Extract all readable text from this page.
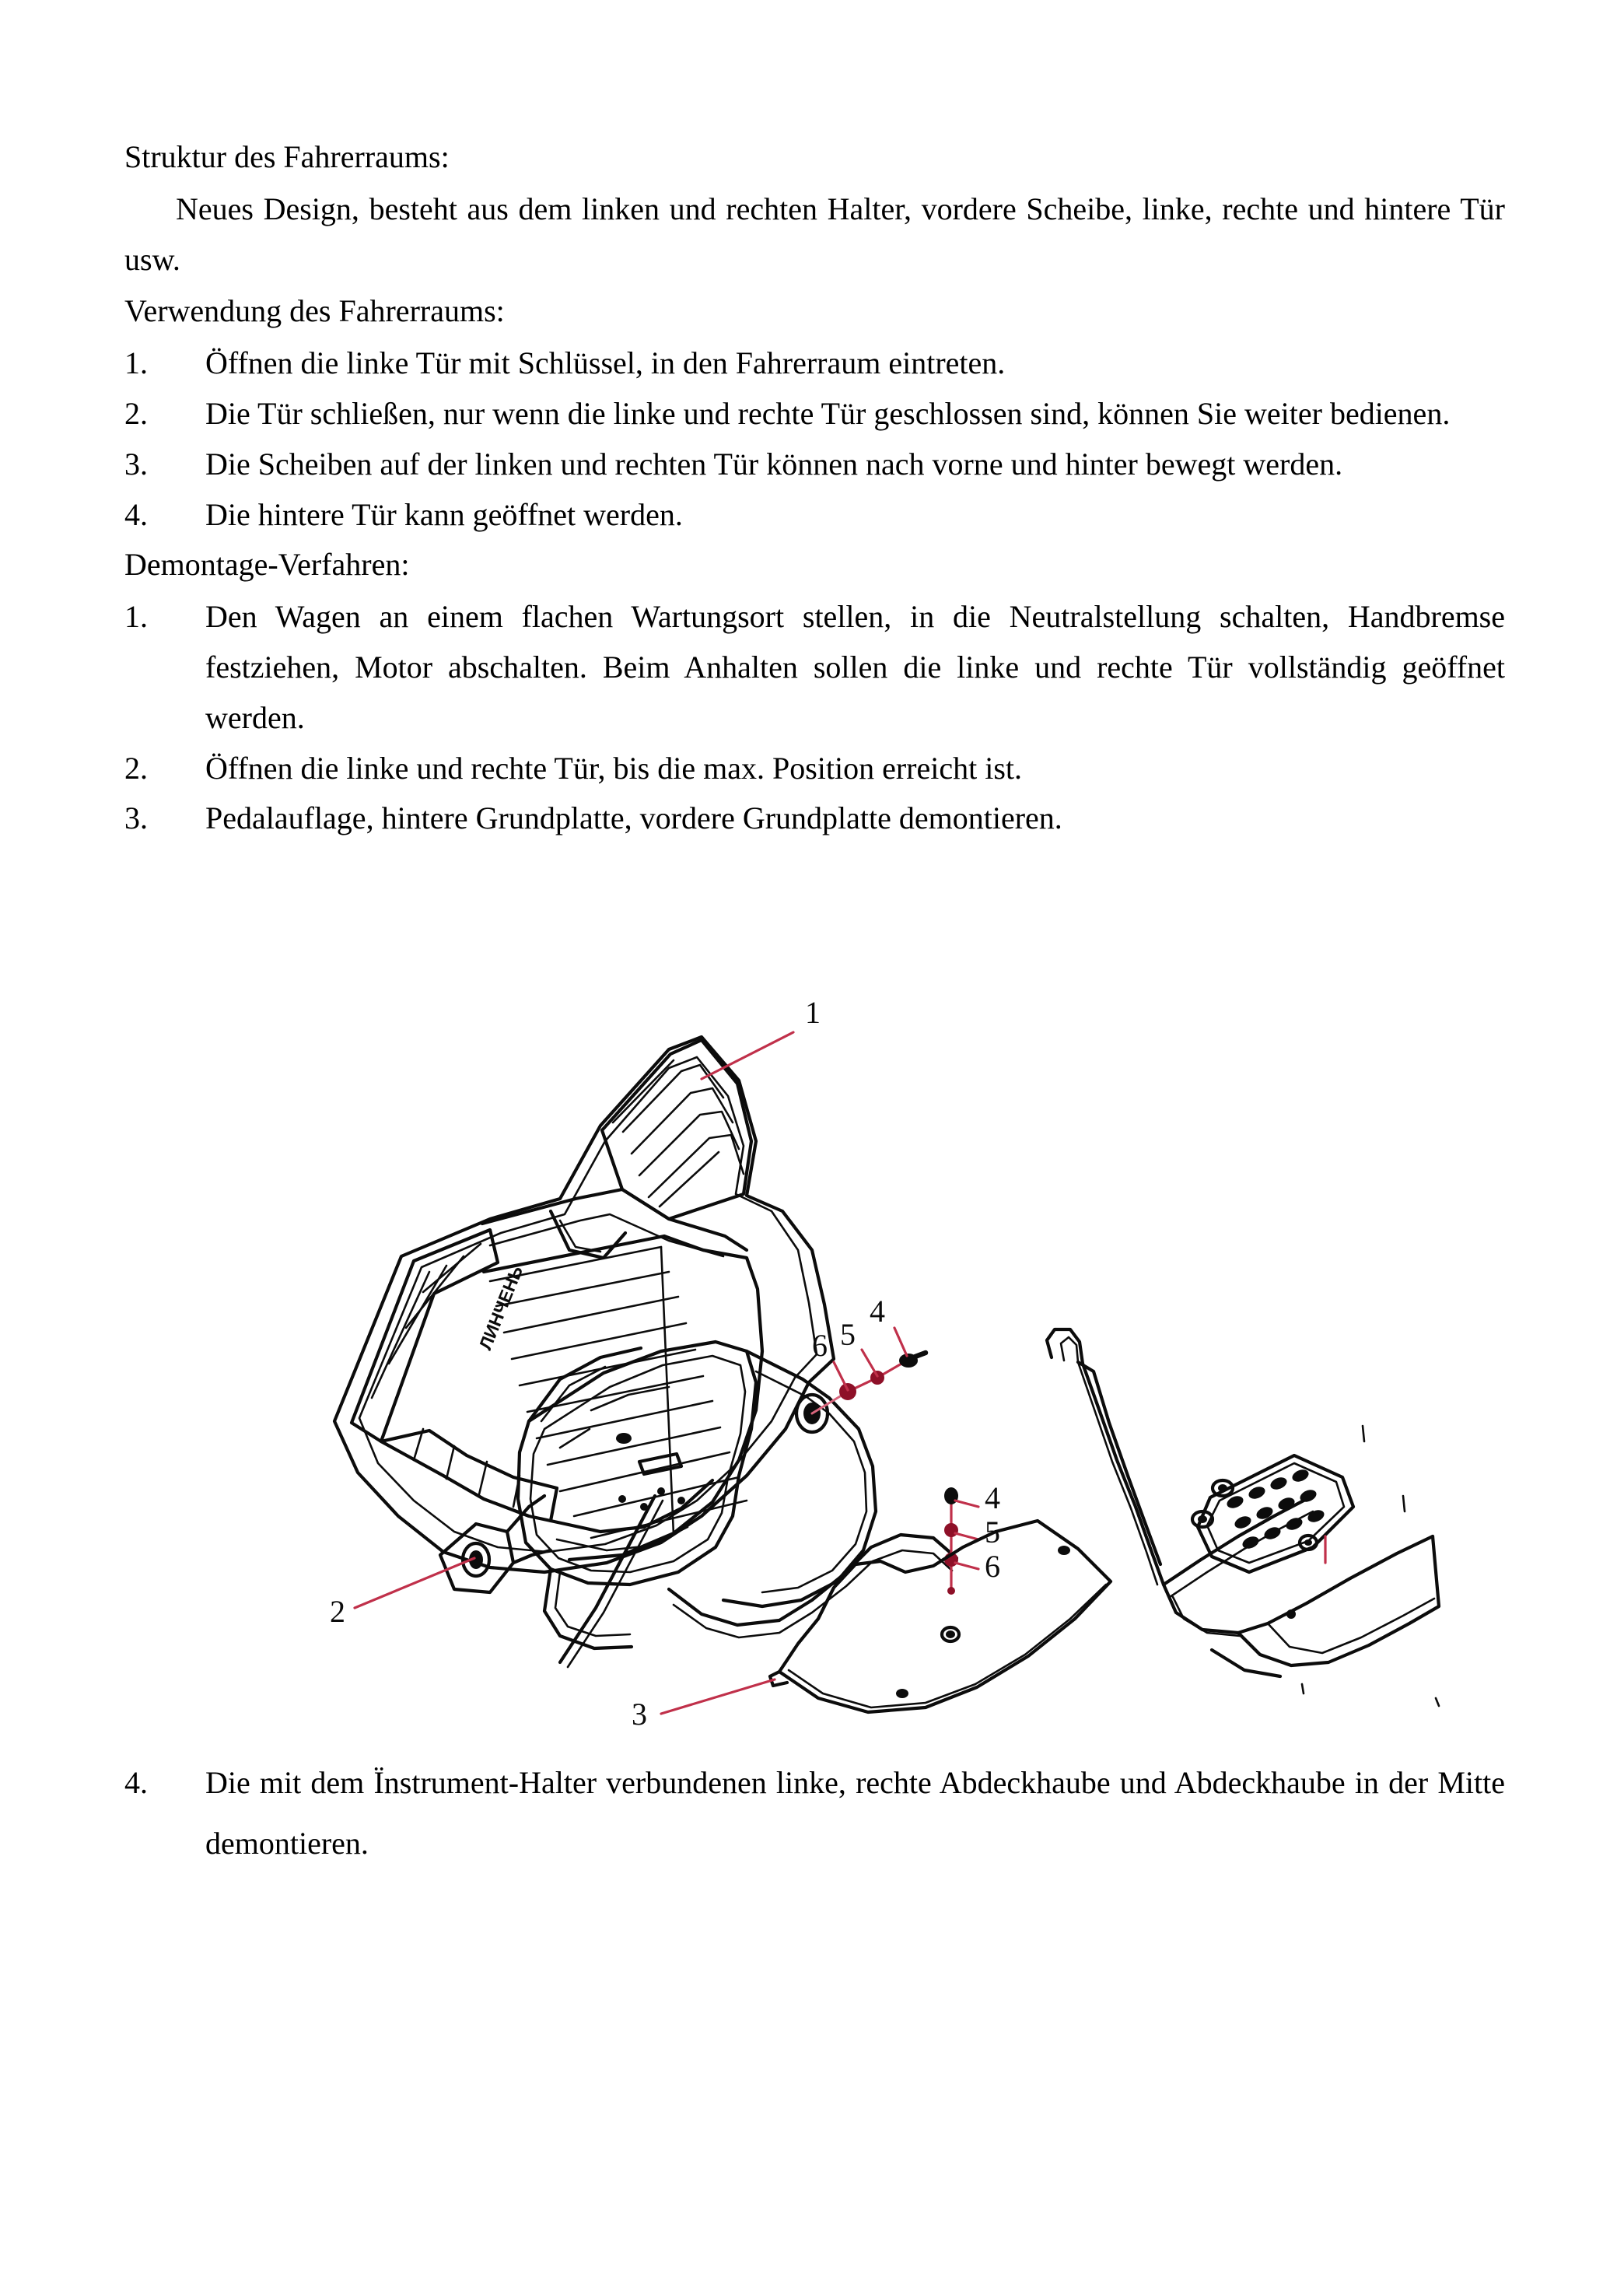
Struktur des Fahrerraums:

Neues Design, besteht aus dem linken und rechten Halter, vordere Scheibe, linke, rechte und hintere Tür usw.

Verwendung des Fahrerraums:

1.	Öffnen die linke Tür mit Schlüssel, in den Fahrerraum eintreten.
2.	Die Tür schließen, nur wenn die linke und rechte Tür geschlossen sind, können Sie weiter bedienen.
3.	Die Scheiben auf der linken und rechten Tür können nach vorne und hinter bewegt werden.
4.	Die hintere Tür kann geöffnet werden.

Demontage-Verfahren:

1.	Den Wagen an einem flachen Wartungsort stellen, in die Neutralstellung schalten, Handbremse festziehen, Motor abschalten. Beim Anhalten sollen die linke und rechte Tür vollständig geöffnet werden.
2.	Öffnen die linke und rechte Tür, bis die max. Position erreicht ist.
3.	Pedalauflage, hintere Grundplatte, vordere Grundplatte demontieren.
ЛИНЧЕНЬ
1
2
6 5
4
4
5
6
3
4.	Die mit dem Ïnstrument-Halter verbundenen linke, rechte Abdeckhaube und Abdeckhaube in der Mitte demontieren.
